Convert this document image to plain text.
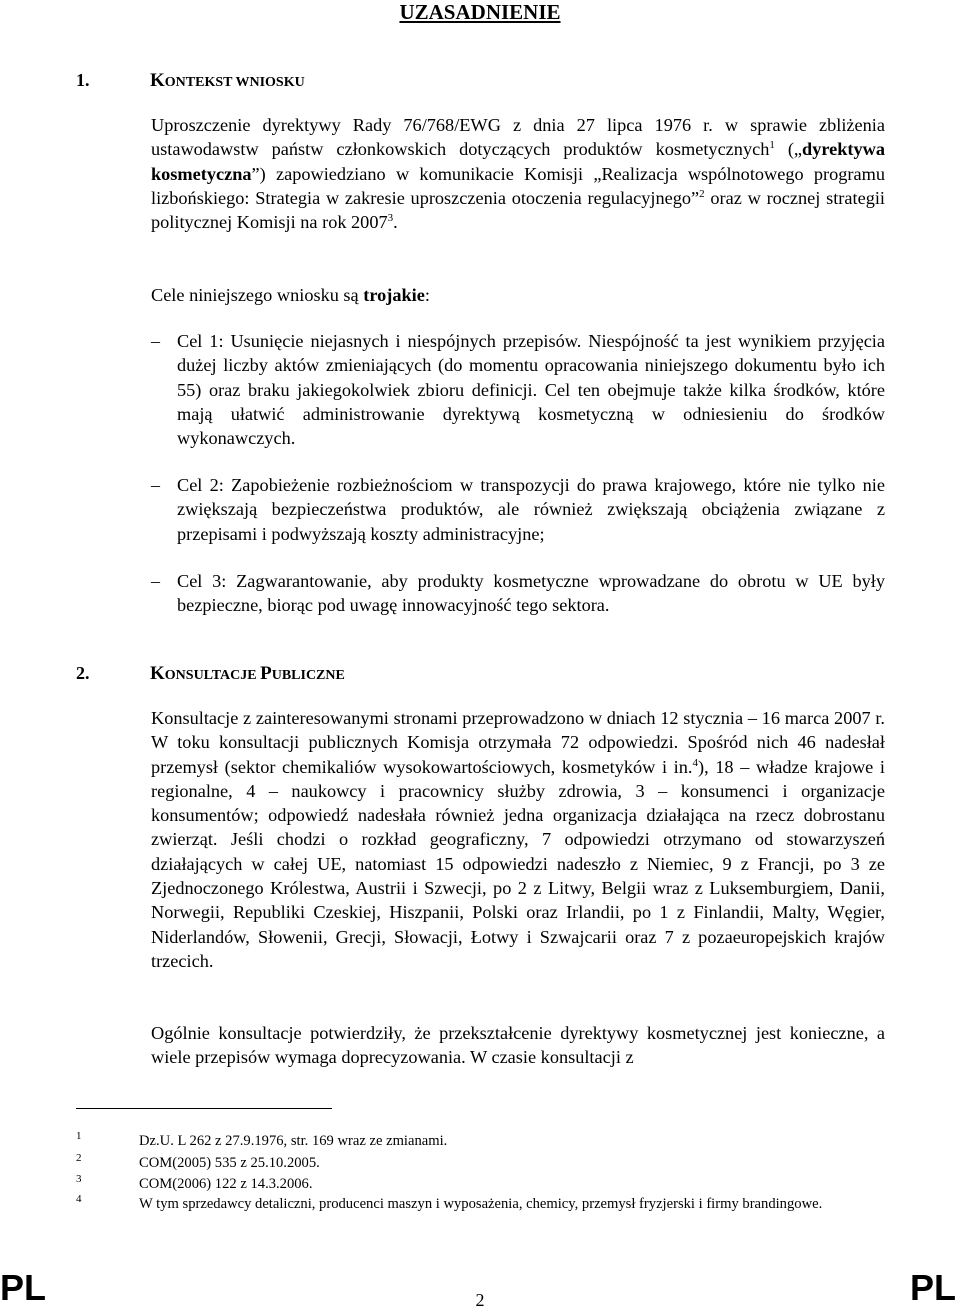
UZASADNIENIE
1.	KONTEKST WNIOSKU

Uproszczenie dyrektywy Rady 76/768/EWG z dnia 27 lipca 1976 r. w sprawie zbliżenia ustawodawstw państw członkowskich dotyczących produktów kosmetycznych$^1$ („dyrektywa kosmetyczna”) zapowiedziano w komunikacie Komisji „Realizacja wspólnotowego programu lizbońskiego: Strategia w zakresie uproszczenia otoczenia regulacyjnego”$^2$ oraz w rocznej strategii politycznej Komisji na rok 2007$^3$.

Cele niniejszego wniosku są trojakie:

– Cel 1: Usunięcie niejasnych i niespójnych przepisów. Niespójność ta jest wynikiem przyjęcia dużej liczby aktów zmieniających (do momentu opracowania niniejszego dokumentu było ich 55) oraz braku jakiegokolwiek zbioru definicji. Cel ten obejmuje także kilka środków, które mają ułatwić administrowanie dyrektywą kosmetyczną w odniesieniu do środków wykonawczych.

– Cel 2: Zapobieżenie rozbieżnościom w transpozycji do prawa krajowego, które nie tylko nie zwiększają bezpieczeństwa produktów, ale również zwiększają obciążenia związane z przepisami i podwyższają koszty administracyjne;

– Cel 3: Zagwarantowanie, aby produkty kosmetyczne wprowadzane do obrotu w UE były bezpieczne, biorąc pod uwagę innowacyjność tego sektora.

2.	KONSULTACJE PUBLICZNE

Konsultacje z zainteresowanymi stronami przeprowadzono w dniach 12 stycznia – 16 marca 2007 r. W toku konsultacji publicznych Komisja otrzymała 72 odpowiedzi. Spośród nich 46 nadesłał przemysł (sektor chemikaliów wysokowartościowych, kosmetyków i in.$^4$), 18 – władze krajowe i regionalne, 4 – naukowcy i pracownicy służby zdrowia, 3 – konsumenci i organizacje konsumentów; odpowiedź nadesłała również jedna organizacja działająca na rzecz dobrostanu zwierząt. Jeśli chodzi o rozkład geograficzny, 7 odpowiedzi otrzymano od stowarzyszeń działających w całej UE, natomiast 15 odpowiedzi nadeszło z Niemiec, 9 z Francji, po 3 ze Zjednoczonego Królestwa, Austrii i Szwecji, po 2 z Litwy, Belgii wraz z Luksemburgiem, Danii, Norwegii, Republiki Czeskiej, Hiszpanii, Polski oraz Irlandii, po 1 z Finlandii, Malty, Węgier, Niderlandów, Słowenii, Grecji, Słowacji, Łotwy i Szwajcarii oraz 7 z pozaeuropejskich krajów trzecich.

Ogólnie konsultacje potwierdziły, że przekształcenie dyrektywy kosmetycznej jest konieczne, a wiele przepisów wymaga doprecyzowania. W czasie konsultacji z

1	Dz.U. L 262 z 27.9.1976, str. 169 wraz ze zmianami.
2	COM(2005) 535 z 25.10.2005.
3	COM(2006) 122 z 14.3.2006.
4	W tym sprzedawcy detaliczni, producenci maszyn i wyposażenia, chemicy, przemysł fryzjerski i firmy brandingowe.
PL	2	PL
